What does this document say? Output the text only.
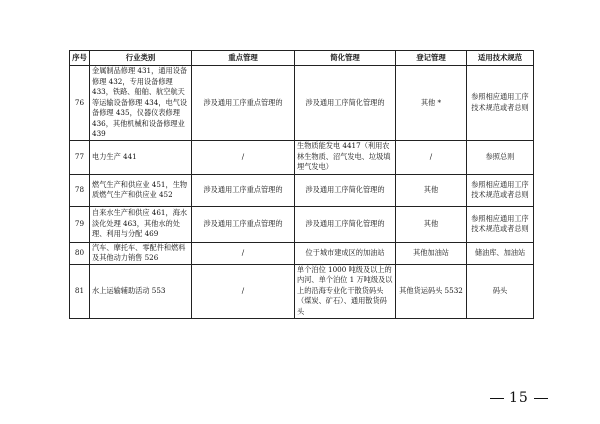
序号	行业类别	重点管理	简化管理	登记管理	适用技术规范
76	金属制品修理 431，通用设备修理 432，专用设备修理 433，铁路、船舶、航空航天等运输设备修理 434，电气设备修理 435，仪器仪表修理 436，其他机械和设备修理业 439	涉及通用工序重点管理的	涉及通用工序简化管理的	其他 *	参照相应通用工序技术规范或者总则
77	电力生产 441	/	生物质能发电 4417（利用农林生物质、沼气发电、垃圾填埋气发电）	/	参照总则
78	燃气生产和供应业 451，生物质燃气生产和供应业 452	涉及通用工序重点管理的	涉及通用工序简化管理的	其他	参照相应通用工序技术规范或者总则
79	自来水生产和供应 461，海水淡化处理 463，其他水的处理、利用与分配 469	涉及通用工序重点管理的	涉及通用工序简化管理的	其他	参照相应通用工序技术规范或者总则
80	汽车、摩托车、零配件和燃料及其他动力销售 526	/	位于城市建成区的加油站	其他加油站	储油库、加油站
81	水上运输辅助活动 553	/	单个泊位 1000 吨级及以上的内河、单个泊位 1 万吨级及以上的沿海专业化干散货码头（煤炭、矿石）、通用散货码头	其他货运码头 5532	码头
15
